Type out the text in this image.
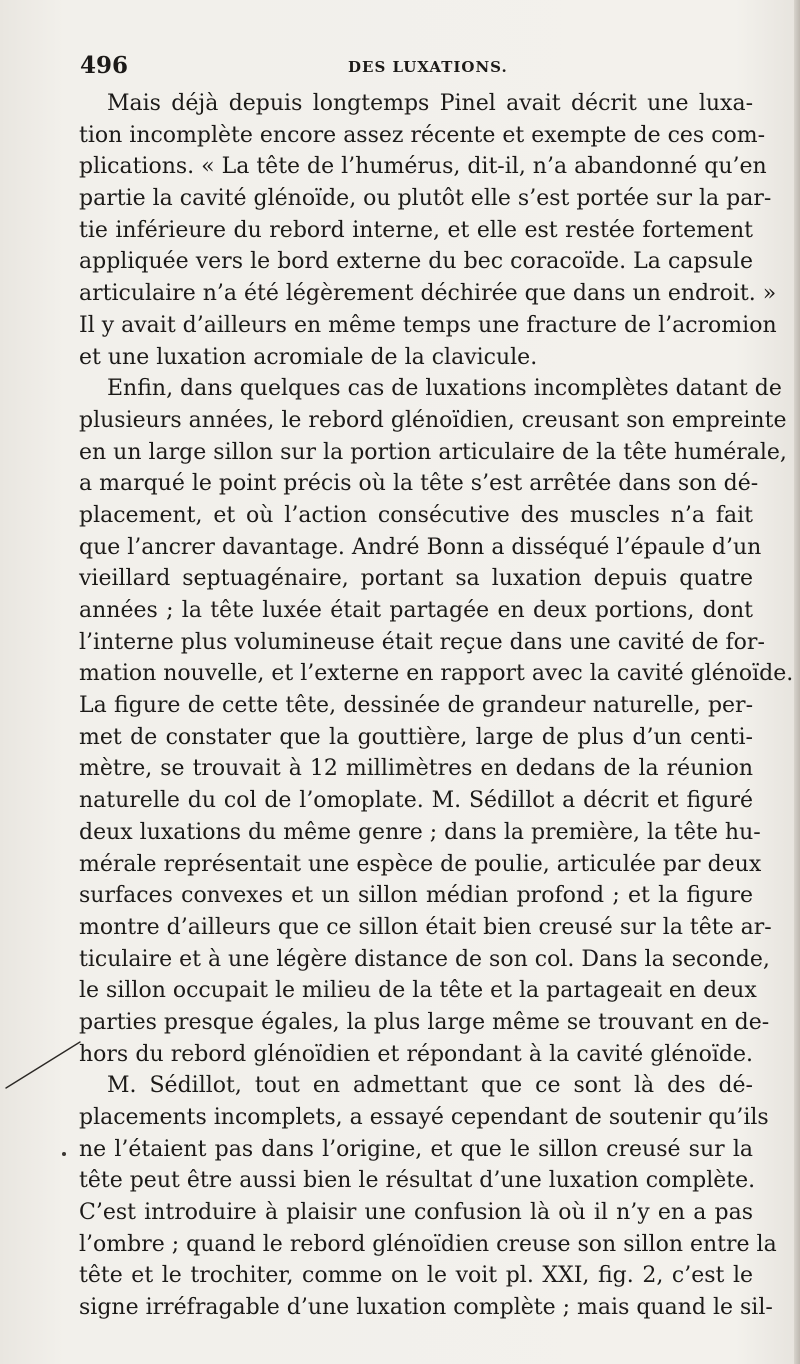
496	DES LUXATIONS.
Mais déjà depuis longtemps Pinel avait décrit une luxa-
tion incomplète encore assez récente et exempte de ces com-
plications. « La tête de l’humérus, dit-il, n’a abandonné qu’en
partie la cavité glénoïde, ou plutôt elle s’est portée sur la par-
tie inférieure du rebord interne, et elle est restée fortement
appliquée vers le bord externe du bec coracoïde. La capsule
articulaire n’a été légèrement déchirée que dans un endroit. »
Il y avait d’ailleurs en même temps une fracture de l’acromion
et une luxation acromiale de la clavicule.
Enfin, dans quelques cas de luxations incomplètes datant de
plusieurs années, le rebord glénoïdien, creusant son empreinte
en un large sillon sur la portion articulaire de la tête humérale,
a marqué le point précis où la tête s’est arrêtée dans son dé-
placement, et où l’action consécutive des muscles n’a fait
que l’ancrer davantage. André Bonn a disséqué l’épaule d’un
vieillard septuagénaire, portant sa luxation depuis quatre
années ; la tête luxée était partagée en deux portions, dont
l’interne plus volumineuse était reçue dans une cavité de for-
mation nouvelle, et l’externe en rapport avec la cavité glénoïde.
La figure de cette tête, dessinée de grandeur naturelle, per-
met de constater que la gouttière, large de plus d’un centi-
mètre, se trouvait à 12 millimètres en dedans de la réunion
naturelle du col de l’omoplate. M. Sédillot a décrit et figuré
deux luxations du même genre ; dans la première, la tête hu-
mérale représentait une espèce de poulie, articulée par deux
surfaces convexes et un sillon médian profond ; et la figure
montre d’ailleurs que ce sillon était bien creusé sur la tête ar-
ticulaire et à une légère distance de son col. Dans la seconde,
le sillon occupait le milieu de la tête et la partageait en deux
parties presque égales, la plus large même se trouvant en de-
hors du rebord glénoïdien et répondant à la cavité glénoïde.
M. Sédillot, tout en admettant que ce sont là des dé-
placements incomplets, a essayé cependant de soutenir qu’ils
ne l’étaient pas dans l’origine, et que le sillon creusé sur la
tête peut être aussi bien le résultat d’une luxation complète.
C’est introduire à plaisir une confusion là où il n’y en a pas
l’ombre ; quand le rebord glénoïdien creuse son sillon entre la
tête et le trochiter, comme on le voit pl. XXI, fig. 2, c’est le
signe irréfragable d’une luxation complète ; mais quand le sil-
